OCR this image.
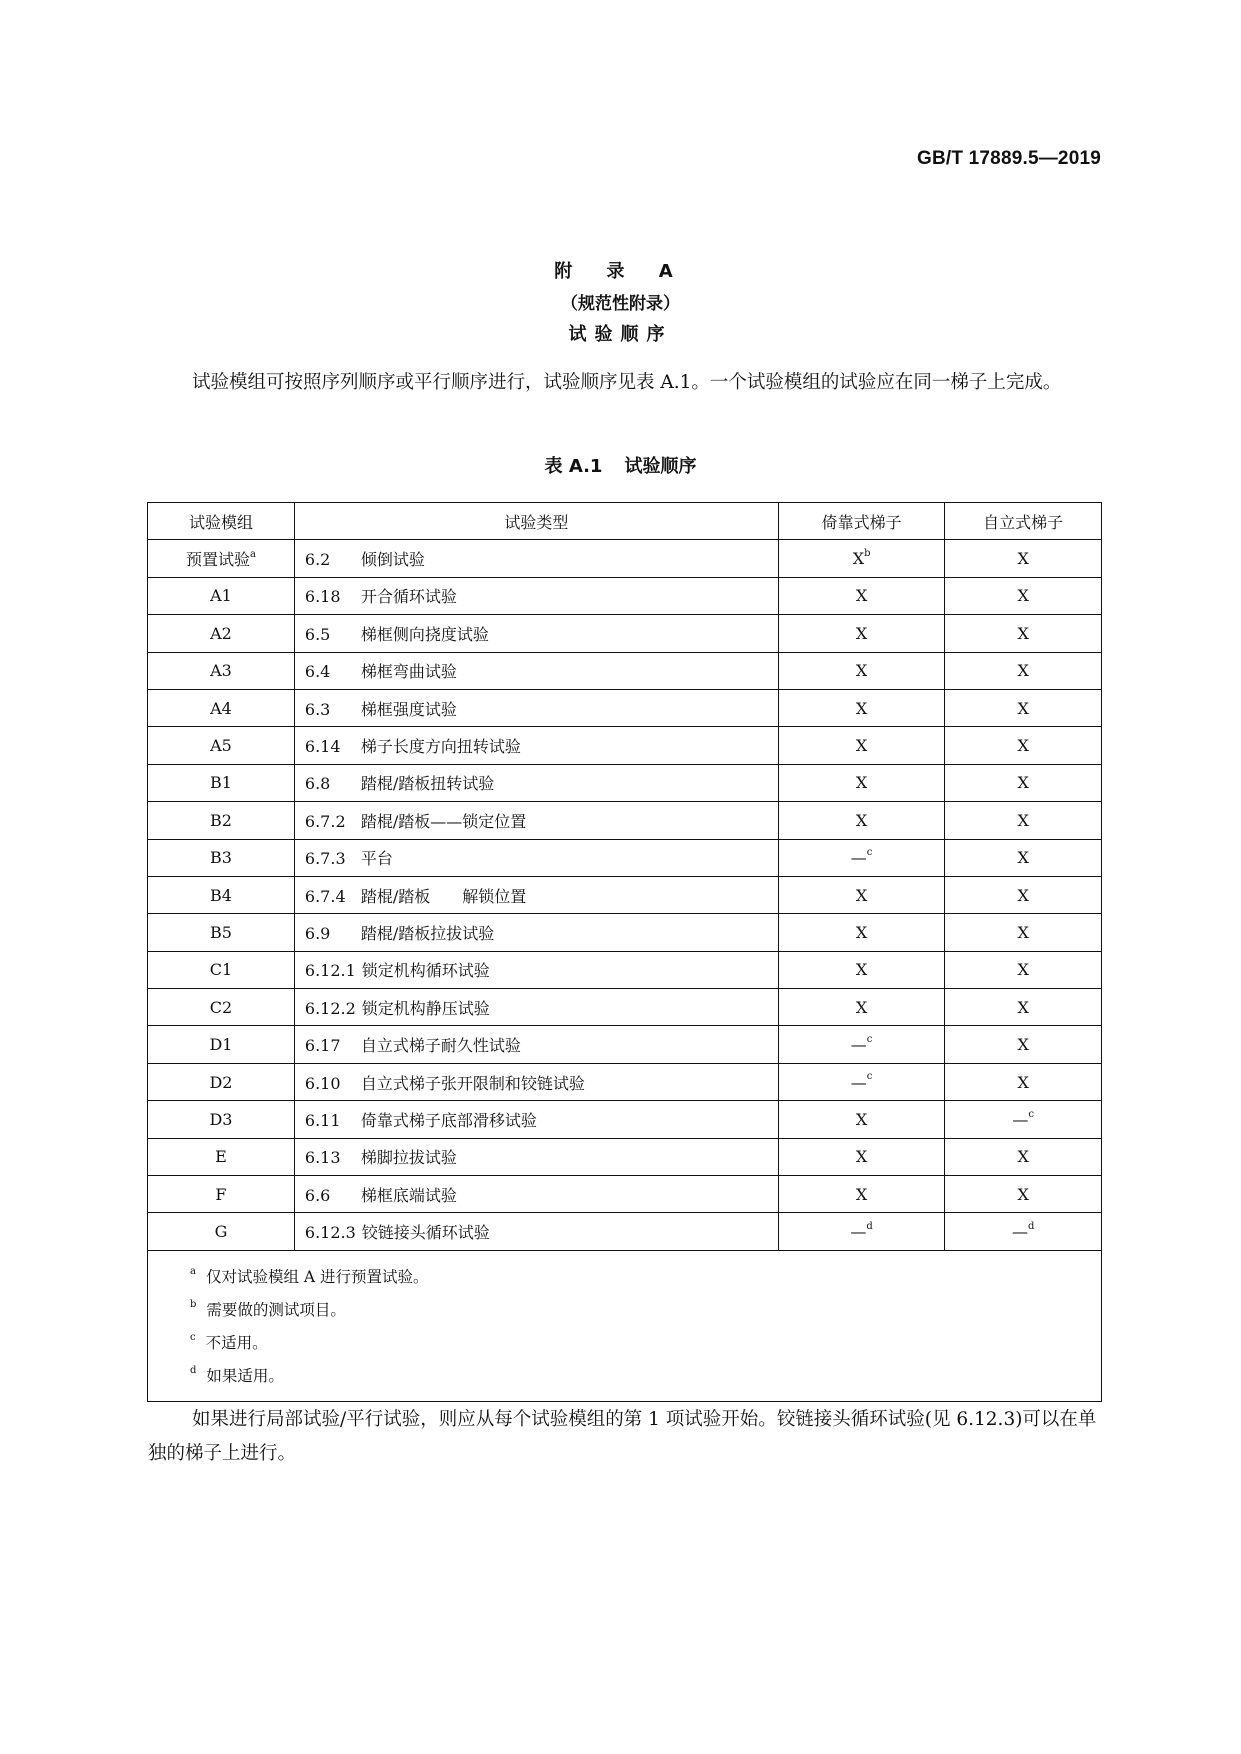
GB/T 17889.5—2019
附 录 A
（规范性附录）
试验顺序
试验模组可按照序列顺序或平行顺序进行，试验顺序见表 A.1。一个试验模组的试验应在同一梯子上完成。
表 A.1 试验顺序
试验模组	试验类型	倚靠式梯子	自立式梯子
预置试验$^a$	6.2 倾倒试验	$X^b$	X
A1	6.18 开合循环试验	X	X
A2	6.5 梯框侧向挠度试验	X	X
A3	6.4 梯框弯曲试验	X	X
A4	6.3 梯框强度试验	X	X
A5	6.14 梯子长度方向扭转试验	X	X
B1	6.8 踏棍/踏板扭转试验	X	X
B2	6.7.2 踏棍/踏板——锁定位置	X	X
B3	6.7.3 平台	—$^c$	X
B4	6.7.4 踏棍/踏板　　解锁位置	X	X
B5	6.9 踏棍/踏板拉拔试验	X	X
C1	6.12.1 锁定机构循环试验	X	X
C2	6.12.2 锁定机构静压试验	X	X
D1	6.17 自立式梯子耐久性试验	—$^c$	X
D2	6.10 自立式梯子张开限制和铰链试验	—$^c$	X
D3	6.11 倚靠式梯子底部滑移试验	X	—$^c$
E	6.13 梯脚拉拔试验	X	X
F	6.6 梯框底端试验	X	X
G	6.12.3 铰链接头循环试验	—$^d$	—$^d$

$^a$ 仅对试验模组 A 进行预置试验。
$^b$ 需要做的测试项目。
$^c$ 不适用。
$^d$ 如果适用。			
如果进行局部试验/平行试验，则应从每个试验模组的第 1 项试验开始。铰链接头循环试验(见 6.12.3)可以在单独的梯子上进行。
